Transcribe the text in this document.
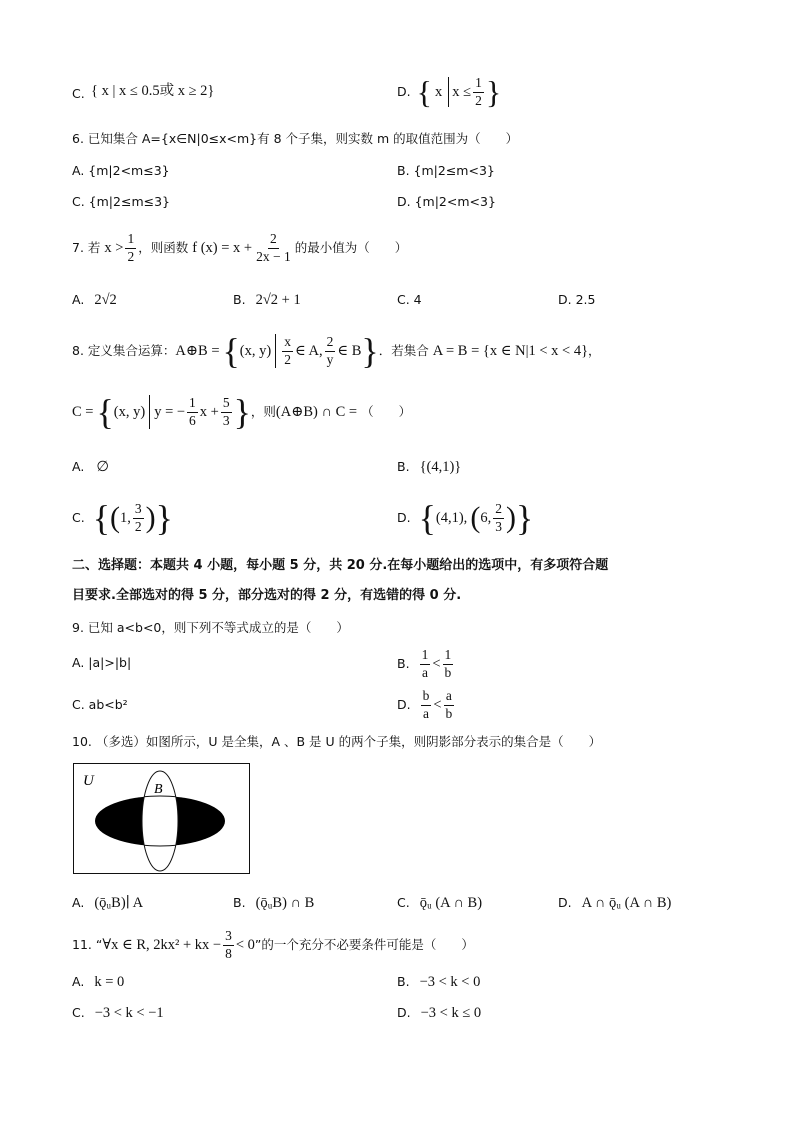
C. { x | x ≤ 0.5或 x ≥ 2}	D. { x $x \le \frac{1}{2}$ }
6. 已知集合 A={x∈N|0≤x<m}有 8 个子集，则实数 m 的取值范围为（　　）
A. {m|2<m≤3}	B. {m|2≤m<3}
C. {m|2≤m≤3}	D. {m|2<m<3}
7. 若 $x > \frac{1}{2}$ ，则函数 f $(x) = x + \frac{2}{2x - 1}$ 的最小值为（　　）
A. 2√2	B. 2√2 + 1	C. 4	D. 2.5
8. 定义集合运算： A⊕B = { (x, $y) \frac{x}{2}$ ∈ A, $\frac{2}{y}$ ∈ B } ．若集合 A = B = {x ∈ N|1 < x < 4} ，
C = { (x, y) y = − $\frac{1}{6}$ $x + \frac{5}{3}$ } ，则 (A⊕B) ∩ C = （　　）
A. ∅	B. {(4,1)}
C. { ( 1, $\frac{3}{2}$ ) }	D. { (4,1), ( 6, $\frac{2}{3}$ ) }
二、选择题：本题共 4 小题，每小题 5 分，共 20 分.在每小题给出的选项中，有多项符合题
目要求.全部选对的得 5 分，部分选对的得 2 分，有选错的得 0 分.
9. 已知 a<b<0，则下列不等式成立的是（　　）
A. |a|>|b|	B. $\frac{1}{a} < \frac{1}{b}$
C. ab<b²	D. $\frac{b}{a} < \frac{a}{b}$
10. （多选）如图所示，U 是全集，A 、B 是 U 的两个子集，则阴影部分表示的集合是（　　）
U
B
A. (ǭᵤB)∣ A	B. (ǭᵤB) ∩ B	C. ǭᵤ (A ∩ B)	D. A ∩ ǭᵤ (A ∩ B)
11. “ ∀x ∈ R, 2kx² + kx − $\frac{3}{8} < 0$ ”的一个充分不必要条件可能是（　　）
A. k = 0	B. −3 < k < 0
C. −3 < k < −1	D. −3 < k ≤ 0
